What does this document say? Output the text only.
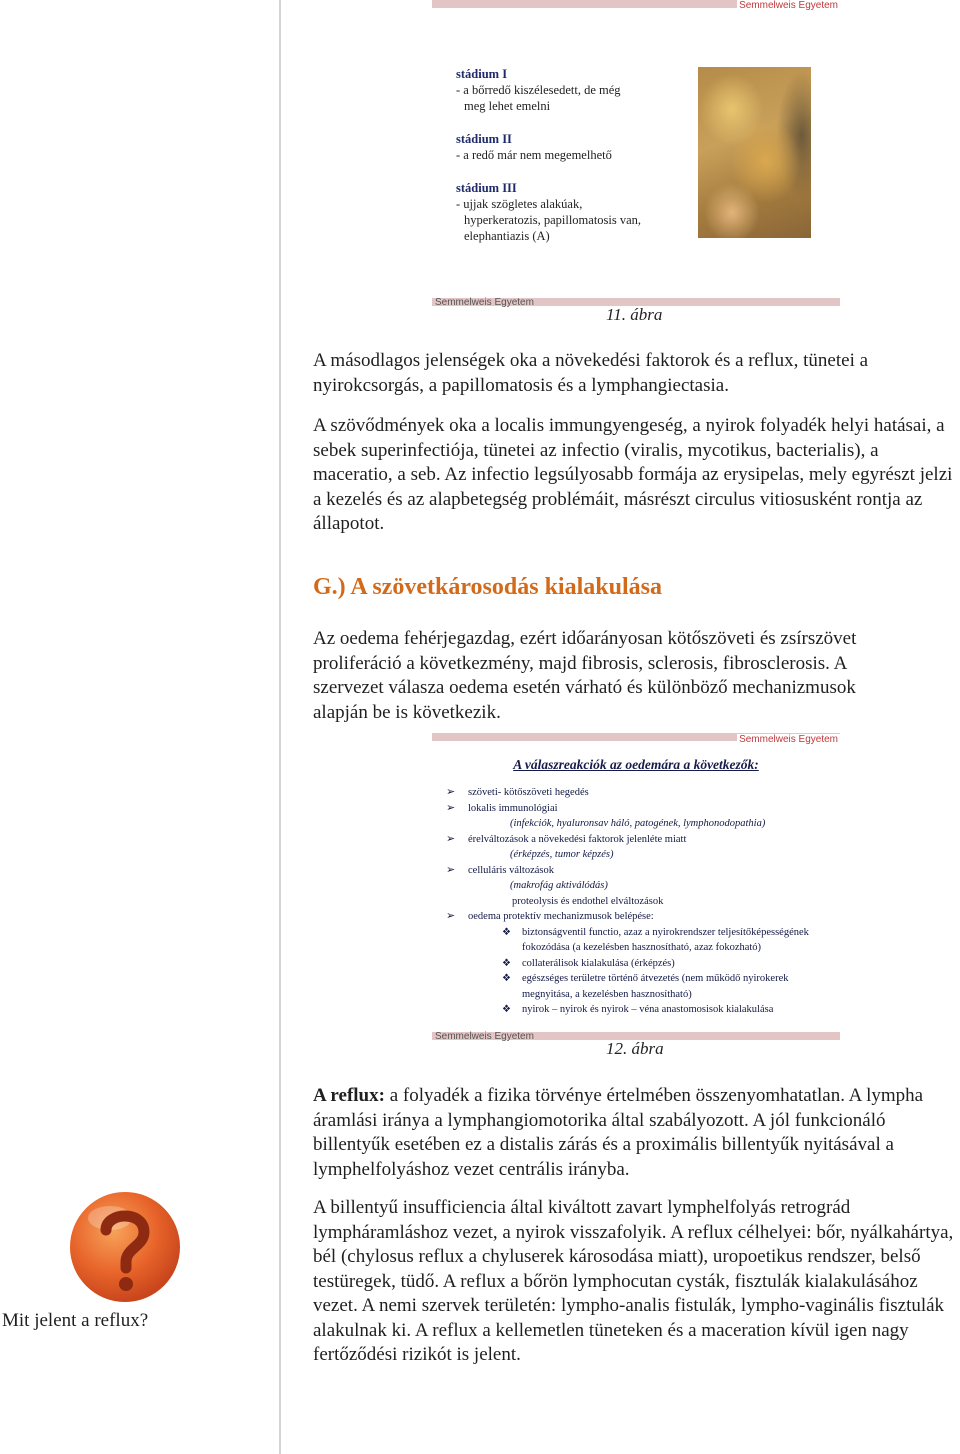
Semmelweis Egyetem
stádium I
- a bőrredő kiszélesedett, de még
meg lehet emelni
stádium II
- a redő már nem megemelhető
stádium III
- ujjak szögletes alakúak,
hyperkeratozis, papillomatosis van,
elephantiazis (A)
Semmelweis Egyetem
11. ábra

A másodlagos jelenségek oka a növekedési faktorok és a reflux, tünetei a nyirokcsorgás, a papillomatosis és a lymphangiectasia.

A szövődmények oka a localis immungyengeség, a nyirok folyadék helyi hatásai, a sebek superinfectiója, tünetei az infectio (viralis, mycotikus, bacterialis), a maceratio, a seb. Az infectio legsúlyosabb formája az erysipelas, mely egyrészt jelzi a kezelés és az alapbetegség problémáit, másrészt circulus vitiosusként rontja az állapotot.

G.) A szövetkárosodás kialakulása

Az oedema fehérjegazdag, ezért időarányosan kötőszöveti és zsírszövet proliferáció a következmény, majd fibrosis, sclerosis, fibrosclerosis. A szervezet válasza oedema esetén várható és különböző mechanizmusok alapján be is következik.

Semmelweis Egyetem
A válaszreakciók az oedemára a következők:
➢ szöveti- kötőszöveti hegedés
➢ lokalis immunológiai
(infekciók, hyaluronsav háló, patogének, lymphonodopathia)
➢ érelváltozások a növekedési faktorok jelenléte miatt
(érképzés, tumor képzés)
➢ celluláris változások
(makrofág aktiválódás)
proteolysis és endothel elváltozások
➢ oedema protektív mechanizmusok belépése:
❖ biztonságventil functio, azaz a nyirokrendszer teljesítőképességének
fokozódása (a kezelésben hasznosítható, azaz fokozható)
❖ collaterálisok kialakulása (érképzés)
❖ egészséges területre történő átvezetés (nem működő nyirokerek
megnyitása, a kezelésben hasznosítható)
❖ nyirok – nyirok és nyirok – véna anastomosisok kialakulása
Semmelweis Egyetem
12. ábra

A reflux: a folyadék a fizika törvénye értelmében összenyomhatatlan. A lympha áramlási iránya a lymphangiomotorika által szabályozott. A jól funkcionáló billentyűk esetében ez a distalis zárás és a proximális billentyűk nyitásával a lymphelfolyáshoz vezet centrális irányba.

A billentyű insufficiencia által kiváltott zavart lymphelfolyás retrográd lympháramláshoz vezet, a nyirok visszafolyik. A reflux célhelyei: bőr, nyálkahártya, bél (chylosus reflux a chyluserek károsodása miatt), uropoetikus rendszer, belső testüregek, tüdő. A reflux a bőrön lymphocutan cysták, fisztulák kialakulásához vezet. A nemi szervek területén: lympho-analis fistulák, lympho-vaginális fisztulák alakulnak ki. A reflux a kellemetlen tüneteken és a maceration kívül igen nagy fertőződési rizikót is jelent.

Mit jelent a reflux?
